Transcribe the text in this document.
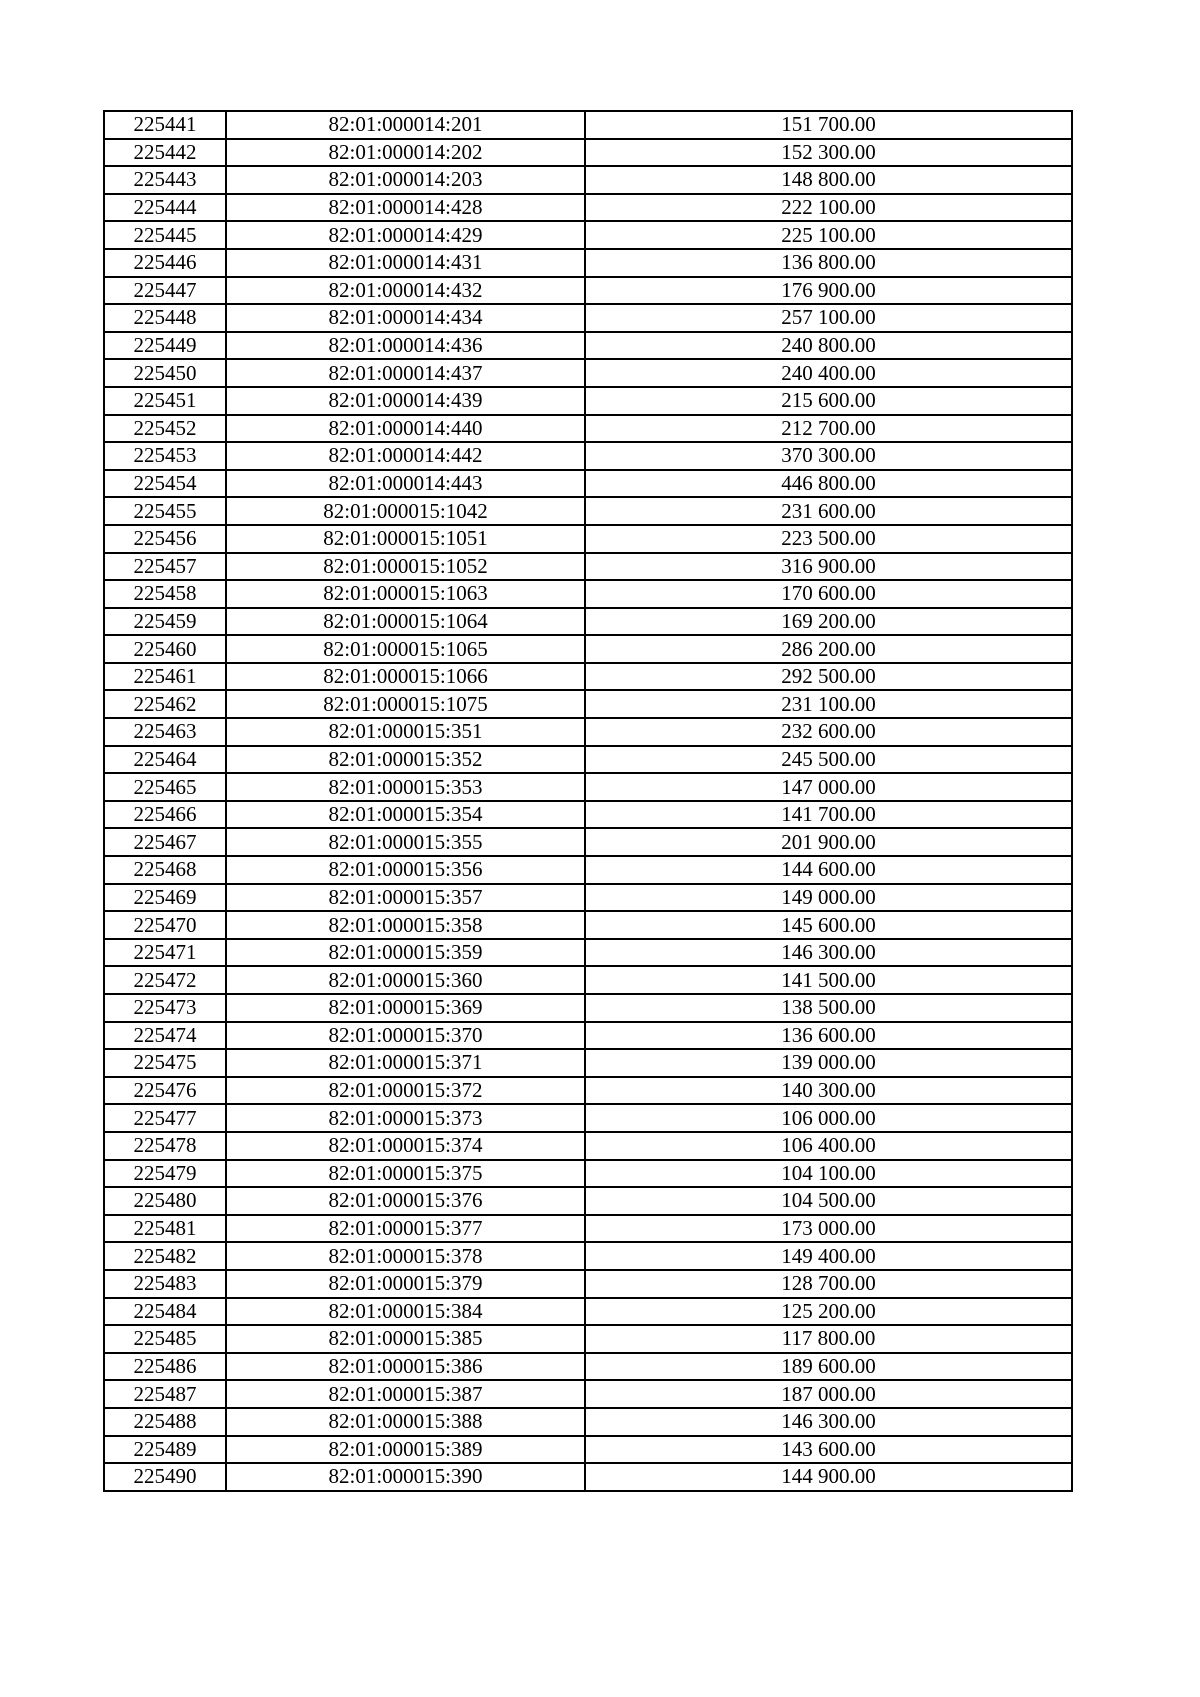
225441	82:01:000014:201	151 700.00
225442	82:01:000014:202	152 300.00
225443	82:01:000014:203	148 800.00
225444	82:01:000014:428	222 100.00
225445	82:01:000014:429	225 100.00
225446	82:01:000014:431	136 800.00
225447	82:01:000014:432	176 900.00
225448	82:01:000014:434	257 100.00
225449	82:01:000014:436	240 800.00
225450	82:01:000014:437	240 400.00
225451	82:01:000014:439	215 600.00
225452	82:01:000014:440	212 700.00
225453	82:01:000014:442	370 300.00
225454	82:01:000014:443	446 800.00
225455	82:01:000015:1042	231 600.00
225456	82:01:000015:1051	223 500.00
225457	82:01:000015:1052	316 900.00
225458	82:01:000015:1063	170 600.00
225459	82:01:000015:1064	169 200.00
225460	82:01:000015:1065	286 200.00
225461	82:01:000015:1066	292 500.00
225462	82:01:000015:1075	231 100.00
225463	82:01:000015:351	232 600.00
225464	82:01:000015:352	245 500.00
225465	82:01:000015:353	147 000.00
225466	82:01:000015:354	141 700.00
225467	82:01:000015:355	201 900.00
225468	82:01:000015:356	144 600.00
225469	82:01:000015:357	149 000.00
225470	82:01:000015:358	145 600.00
225471	82:01:000015:359	146 300.00
225472	82:01:000015:360	141 500.00
225473	82:01:000015:369	138 500.00
225474	82:01:000015:370	136 600.00
225475	82:01:000015:371	139 000.00
225476	82:01:000015:372	140 300.00
225477	82:01:000015:373	106 000.00
225478	82:01:000015:374	106 400.00
225479	82:01:000015:375	104 100.00
225480	82:01:000015:376	104 500.00
225481	82:01:000015:377	173 000.00
225482	82:01:000015:378	149 400.00
225483	82:01:000015:379	128 700.00
225484	82:01:000015:384	125 200.00
225485	82:01:000015:385	117 800.00
225486	82:01:000015:386	189 600.00
225487	82:01:000015:387	187 000.00
225488	82:01:000015:388	146 300.00
225489	82:01:000015:389	143 600.00
225490	82:01:000015:390	144 900.00
